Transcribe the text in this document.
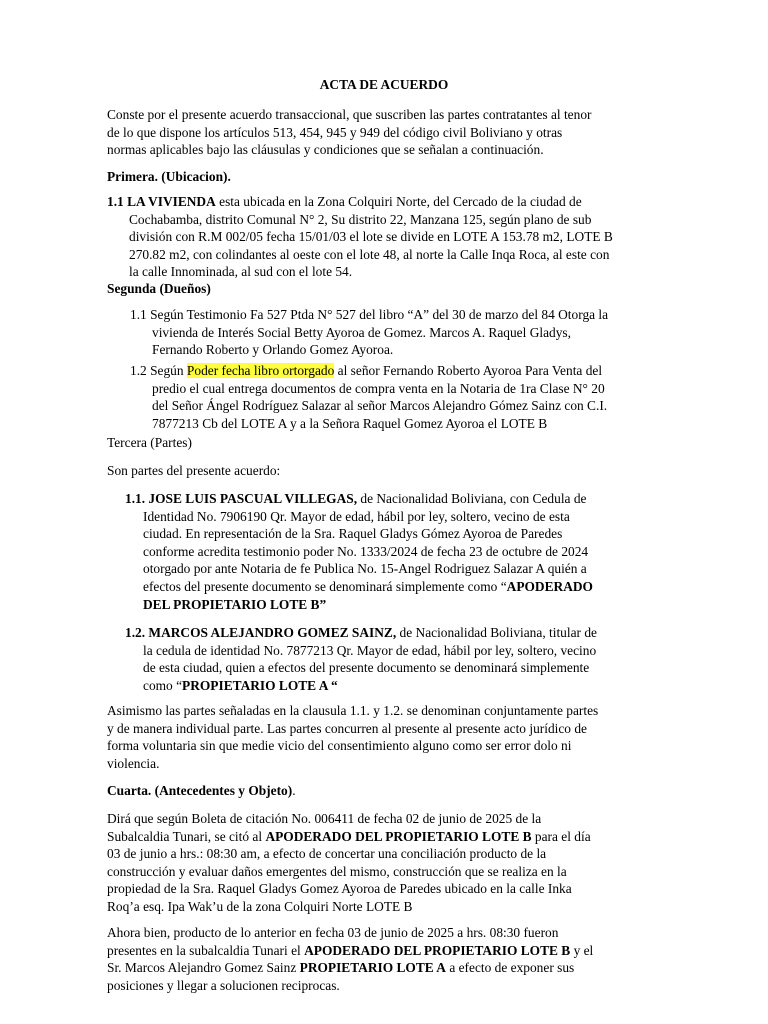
ACTA DE ACUERDO

Conste por el presente acuerdo transaccional, que suscriben las partes contratantes al tenor
de lo que dispone los artículos 513, 454, 945 y 949 del código civil Boliviano y otras
normas aplicables bajo las cláusulas y condiciones que se señalan a continuación.

Primera. (Ubicacion).

1.1 LA VIVIENDA esta ubicada en la Zona Colquiri Norte, del Cercado de la ciudad de
Cochabamba, distrito Comunal N° 2, Su distrito 22, Manzana 125, según plano de sub
división con R.M 002/05 fecha 15/01/03 el lote se divide en LOTE A 153.78 m2, LOTE B
270.82 m2, con colindantes al oeste con el lote 48, al norte la Calle Inqa Roca, al este con
la calle Innominada, al sud con el lote 54.

Segunda (Dueños)

1.1 Según Testimonio Fa 527 Ptda N° 527 del libro “A” del 30 de marzo del 84 Otorga la
vivienda de Interés Social Betty Ayoroa de Gomez. Marcos A. Raquel Gladys,
Fernando Roberto y Orlando Gomez Ayoroa.

1.2 Según Poder fecha libro ortorgado al señor Fernando Roberto Ayoroa Para Venta del
predio el cual entrega documentos de compra venta en la Notaria de 1ra Clase N° 20
del Señor Ángel Rodríguez Salazar al señor Marcos Alejandro Gómez Sainz con C.I.
7877213 Cb del LOTE A y a la Señora Raquel Gomez Ayoroa el LOTE B

Tercera (Partes)

Son partes del presente acuerdo:

1.1. JOSE LUIS PASCUAL VILLEGAS, de Nacionalidad Boliviana, con Cedula de
Identidad No. 7906190 Qr. Mayor de edad, hábil por ley, soltero, vecino de esta
ciudad. En representación de la Sra. Raquel Gladys Gómez Ayoroa de Paredes
conforme acredita testimonio poder No. 1333/2024 de fecha 23 de octubre de 2024
otorgado por ante Notaria de fe Publica No. 15-Angel Rodriguez Salazar A quién a
efectos del presente documento se denominará simplemente como “APODERADO
DEL PROPIETARIO LOTE B”

1.2. MARCOS ALEJANDRO GOMEZ SAINZ, de Nacionalidad Boliviana, titular de
la cedula de identidad No. 7877213 Qr. Mayor de edad, hábil por ley, soltero, vecino
de esta ciudad, quien a efectos del presente documento se denominará simplemente
como “PROPIETARIO LOTE A “

Asimismo las partes señaladas en la clausula 1.1. y 1.2. se denominan conjuntamente partes
y de manera individual parte. Las partes concurren al presente al presente acto jurídico de
forma voluntaria sin que medie vicio del consentimiento alguno como ser error dolo ni
violencia.

Cuarta. (Antecedentes y Objeto).

Dirá que según Boleta de citación No. 006411 de fecha 02 de junio de 2025 de la
Subalcaldia Tunari, se citó al APODERADO DEL PROPIETARIO LOTE B para el día
03 de junio a hrs.: 08:30 am, a efecto de concertar una conciliación producto de la
construcción y evaluar daños emergentes del mismo, construcción que se realiza en la
propiedad de la Sra. Raquel Gladys Gomez Ayoroa de Paredes ubicado en la calle Inka
Roq’a esq. Ipa Wak’u de la zona Colquiri Norte LOTE B

Ahora bien, producto de lo anterior en fecha 03 de junio de 2025 a hrs. 08:30 fueron
presentes en la subalcaldia Tunari el APODERADO DEL PROPIETARIO LOTE B y el
Sr. Marcos Alejandro Gomez Sainz PROPIETARIO LOTE A a efecto de exponer sus
posiciones y llegar a solucionen reciprocas.
